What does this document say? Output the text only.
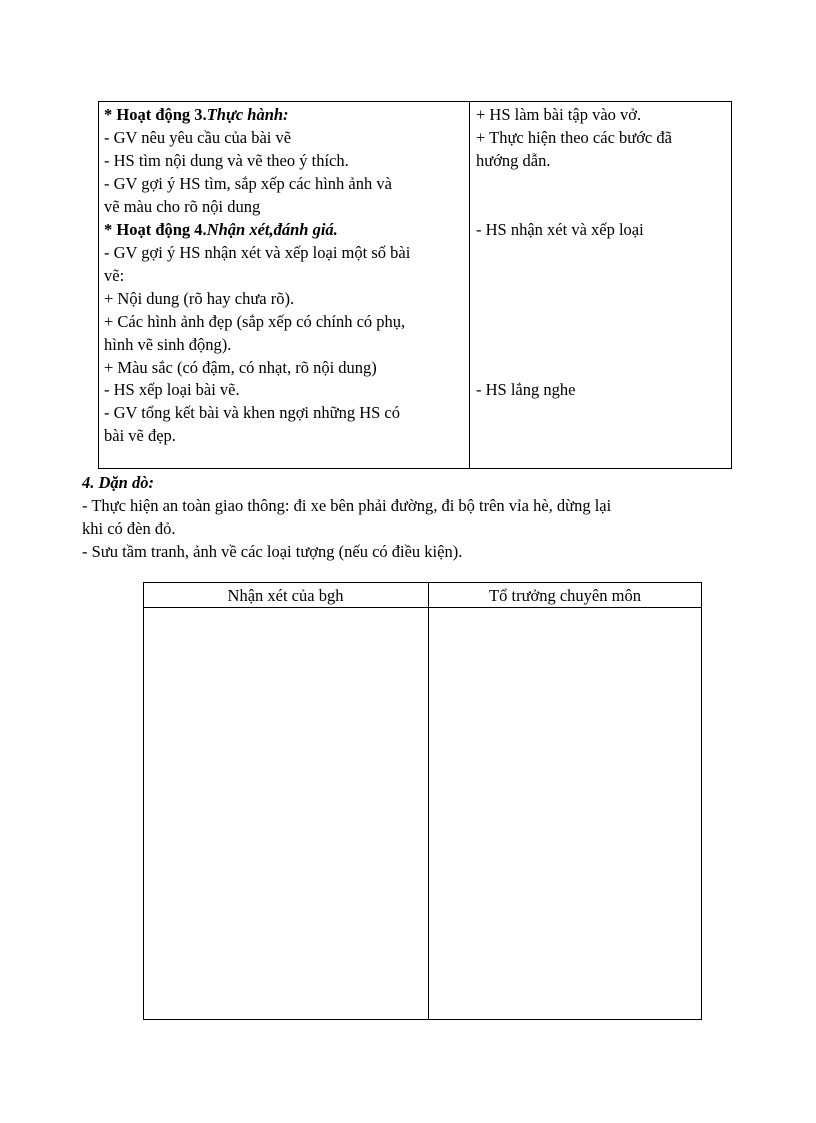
* Hoạt động 3.Thực hành:
- GV nêu yêu cầu của bài vẽ
- HS tìm nội dung và vẽ theo ý thích.
- GV gợi ý HS tìm, sắp xếp các hình ảnh và
vẽ màu cho rõ nội dung
* Hoạt động 4.Nhận xét,đánh giá.
- GV gợi ý HS nhận xét và xếp loại một số bài
vẽ:
+ Nội dung (rõ hay chưa rõ).
+ Các hình ảnh đẹp (sắp xếp có chính có phụ,
hình vẽ sinh động).
+ Màu sắc (có đậm, có nhạt, rõ nội dung)
- HS xếp loại bài vẽ.
- GV tổng kết bài và khen ngợi những HS có
bài vẽ đẹp.
+ HS làm bài tập vào vở.
+ Thực hiện theo các bước đã
hướng dẫn.
- HS nhận xét và xếp loại
- HS lắng nghe
4. Dặn dò:
- Thực hiện an toàn giao thông: đi xe bên phải đường, đi bộ trên vỉa hè, dừng lại
khi có đèn đỏ.
- Sưu tầm tranh, ảnh về các loại tượng (nếu có điều kiện).
Nhận xét của bgh	Tổ trưởng chuyên môn
